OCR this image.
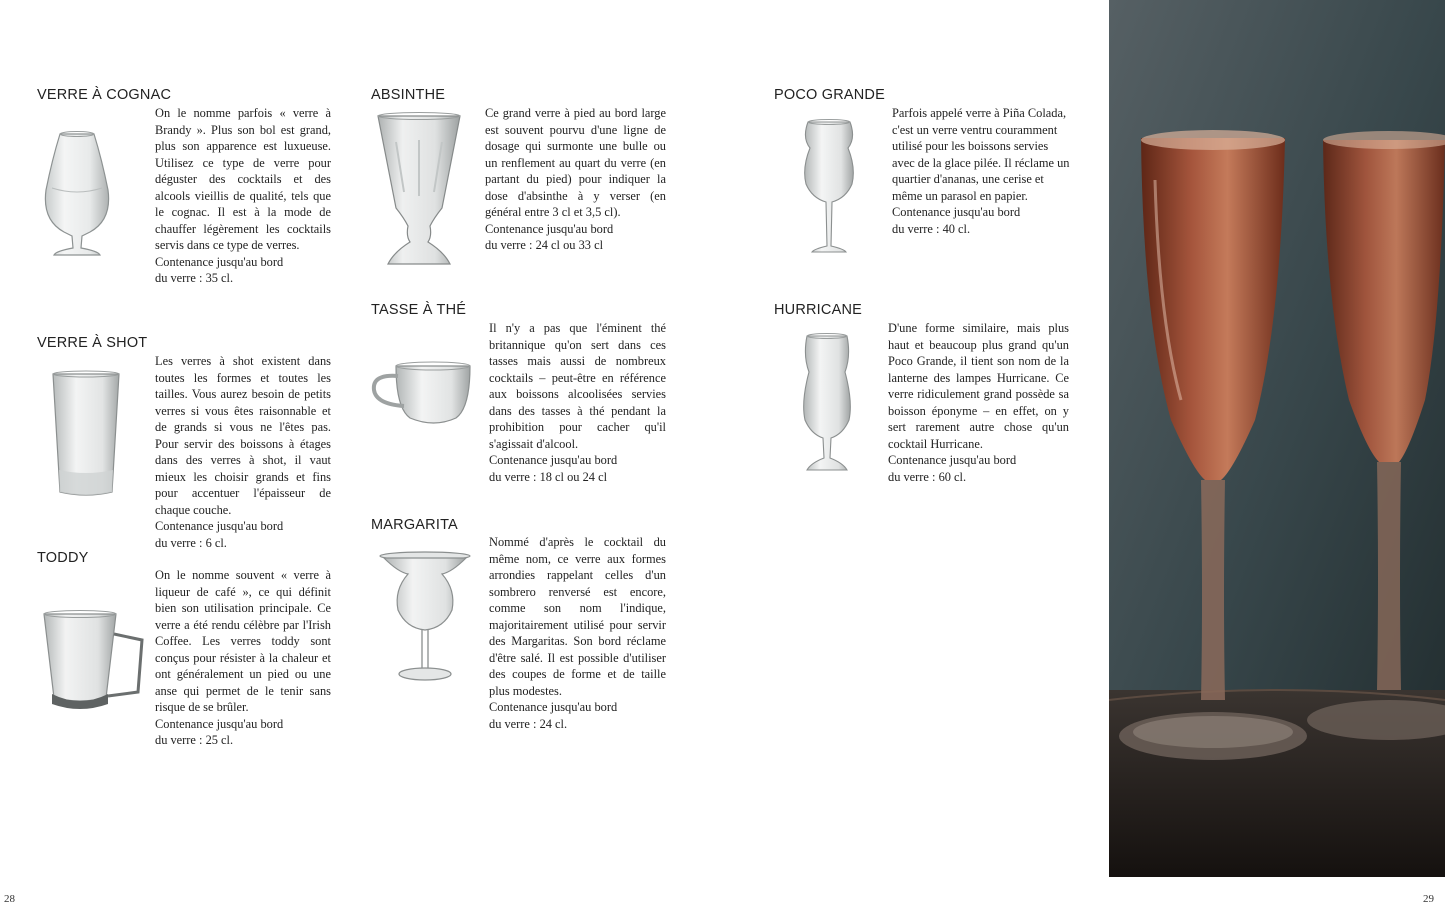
VERRE À COGNAC

On le nomme parfois « verre à Brandy ». Plus son bol est grand, plus son apparence est luxueuse. Utilisez ce type de verre pour déguster des cocktails et des alcools vieillis de qualité, tels que le cognac. Il est à la mode de chauffer légèrement les cocktails servis dans ce type de verres.

Contenance jusqu'au bord

du verre : 35 cl.

VERRE À SHOT

Les verres à shot existent dans toutes les formes et toutes les tailles. Vous aurez besoin de petits verres si vous êtes raisonnable et de grands si vous ne l'êtes pas. Pour servir des boissons à étages dans des verres à shot, il vaut mieux les choisir grands et fins pour accentuer l'épaisseur de chaque couche.

Contenance jusqu'au bord

du verre : 6 cl.

TODDY

On le nomme souvent « verre à liqueur de café », ce qui définit bien son utilisation principale. Ce verre a été rendu célèbre par l'Irish Coffee. Les verres toddy sont conçus pour résister à la chaleur et ont généralement un pied ou une anse qui permet de le tenir sans risque de se brûler.

Contenance jusqu'au bord

du verre : 25 cl.

ABSINTHE

Ce grand verre à pied au bord large est souvent pourvu d'une ligne de dosage qui surmonte une bulle ou un renflement au quart du verre (en partant du pied) pour indiquer la dose d'absinthe à y verser (en général entre 3 cl et 3,5 cl).

Contenance jusqu'au bord

du verre : 24 cl ou 33 cl

TASSE À THÉ

Il n'y a pas que l'éminent thé britannique qu'on sert dans ces tasses mais aussi de nombreux cocktails – peut-être en référence aux boissons alcoolisées servies dans des tasses à thé pendant la prohibition pour cacher qu'il s'agissait d'alcool.

Contenance jusqu'au bord

du verre : 18 cl ou 24 cl

MARGARITA

Nommé d'après le cocktail du même nom, ce verre aux formes arrondies rappelant celles d'un sombrero renversé est encore, comme son nom l'indique, majoritairement utilisé pour servir des Margaritas. Son bord réclame d'être salé. Il est possible d'utiliser des coupes de forme et de taille plus modestes.

Contenance jusqu'au bord

du verre : 24 cl.

POCO GRANDE

Parfois appelé verre à Piña Colada, c'est un verre ventru couramment utilisé pour les boissons servies avec de la glace pilée. Il réclame un quartier d'ananas, une cerise et même un parasol en papier.

Contenance jusqu'au bord

du verre : 40 cl.

HURRICANE

D'une forme similaire, mais plus haut et beaucoup plus grand qu'un Poco Grande, il tient son nom de la lanterne des lampes Hurricane. Ce verre ridiculement grand possède sa boisson éponyme – en effet, on y sert rarement autre chose qu'un cocktail Hurricane.

Contenance jusqu'au bord

du verre : 60 cl.

28	29
